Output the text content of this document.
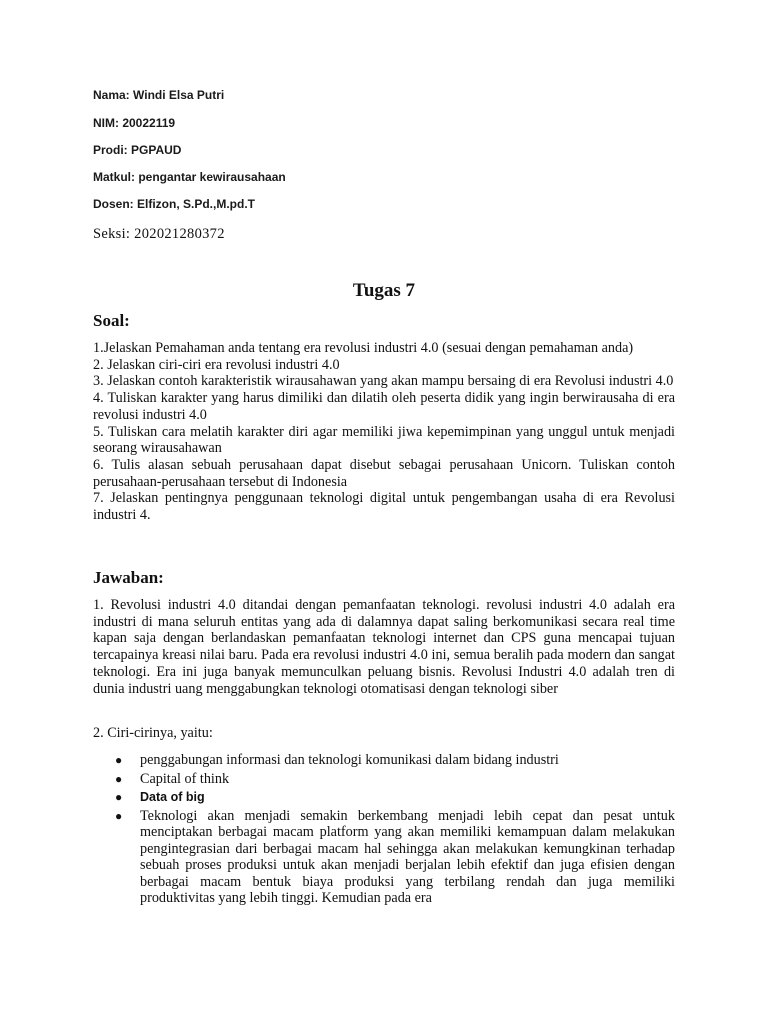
Nama: Windi Elsa Putri
NIM: 20022119
Prodi: PGPAUD
Matkul: pengantar kewirausahaan
Dosen: Elfizon, S.Pd.,M.pd.T
Seksi: 202021280372
Tugas 7
Soal:

1.Jelaskan Pemahaman anda tentang era revolusi industri 4.0 (sesuai dengan pemahaman anda)

2. Jelaskan ciri-ciri era revolusi industri 4.0

3. Jelaskan contoh karakteristik wirausahawan yang akan mampu bersaing di era Revolusi industri 4.0

4. Tuliskan karakter yang harus dimiliki dan dilatih oleh peserta didik yang ingin berwirausaha di era revolusi industri 4.0

5. Tuliskan cara melatih karakter diri agar memiliki jiwa kepemimpinan yang unggul untuk menjadi seorang wirausahawan

6. Tulis alasan sebuah perusahaan dapat disebut sebagai perusahaan Unicorn. Tuliskan contoh perusahaan-perusahaan tersebut di Indonesia

7. Jelaskan pentingnya penggunaan teknologi digital untuk pengembangan usaha di era Revolusi industri 4.

Jawaban:

1. Revolusi industri 4.0 ditandai dengan pemanfaatan teknologi. revolusi industri 4.0 adalah era industri di mana seluruh entitas yang ada di dalamnya dapat saling berkomunikasi secara real time kapan saja dengan berlandaskan pemanfaatan teknologi internet dan CPS guna mencapai tujuan tercapainya kreasi nilai baru. Pada era revolusi industri 4.0 ini, semua beralih pada modern dan sangat teknologi. Era ini juga banyak memunculkan peluang bisnis. Revolusi Industri 4.0 adalah tren di dunia industri uang menggabungkan teknologi otomatisasi dengan teknologi siber

2. Ciri-cirinya, yaitu:

● penggabungan informasi dan teknologi komunikasi dalam bidang industri
● Capital of think
● Data of big
● Teknologi akan menjadi semakin berkembang menjadi lebih cepat dan pesat untuk menciptakan berbagai macam platform yang akan memiliki kemampuan dalam melakukan pengintegrasian dari berbagai macam hal sehingga akan melakukan kemungkinan terhadap sebuah proses produksi untuk akan menjadi berjalan lebih efektif dan juga efisien dengan berbagai macam bentuk biaya produksi yang terbilang rendah dan juga memiliki produktivitas yang lebih tinggi. Kemudian pada era
